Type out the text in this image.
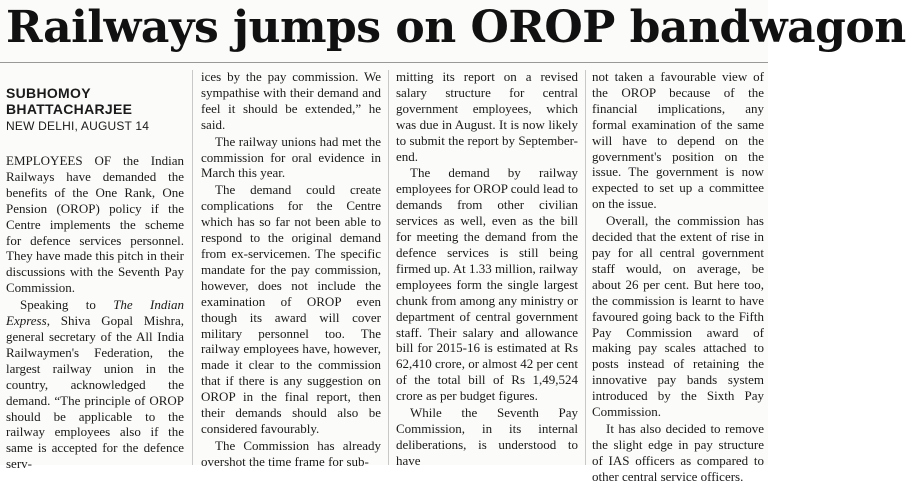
Railways jumps on OROP bandwagon
SUBHOMOY
BHATTACHARJEE
NEW DELHI, AUGUST 14

EMPLOYEES OF the Indian Railways have demanded the benefits of the One Rank, One Pension (OROP) policy if the Centre implements the scheme for defence services personnel. They have made this pitch in their discussions with the Seventh Pay Commission.

Speaking to The Indian Express, Shiva Gopal Mishra, general secretary of the All India Railwaymen's Federation, the largest railway union in the country, acknowledged the demand. “The principle of OROP should be applicable to the railway employees also if the same is accepted for the defence serv-

ices by the pay commission. We sympathise with their demand and feel it should be extended,” he said.

The railway unions had met the commission for oral evidence in March this year.

The demand could create complications for the Centre which has so far not been able to respond to the original demand from ex-servicemen. The specific mandate for the pay commission, however, does not include the examination of OROP even though its award will cover military personnel too. The railway employees have, however, made it clear to the commission that if there is any suggestion on OROP in the final report, then their demands should also be considered favourably.

The Commission has already overshot the time frame for sub-

mitting its report on a revised salary structure for central government employees, which was due in August. It is now likely to submit the report by September-end.

The demand by railway employees for OROP could lead to demands from other civilian services as well, even as the bill for meeting the demand from the defence services is still being firmed up. At 1.33 million, railway employees form the single largest chunk from among any ministry or department of central government staff. Their salary and allowance bill for 2015-16 is estimated at Rs 62,410 crore, or almost 42 per cent of the total bill of Rs 1,49,524 crore as per budget figures.

While the Seventh Pay Commission, in its internal deliberations, is understood to have

not taken a favourable view of the OROP because of the financial implications, any formal examination of the same will have to depend on the government's position on the issue. The government is now expected to set up a committee on the issue.

Overall, the commission has decided that the extent of rise in pay for all central government staff would, on average, be about 26 per cent. But here too, the commission is learnt to have favoured going back to the Fifth Pay Commission award of making pay scales attached to posts instead of retaining the innovative pay bands system introduced by the Sixth Pay Commission.

It has also decided to remove the slight edge in pay structure of IAS officers as compared to other central service officers.
